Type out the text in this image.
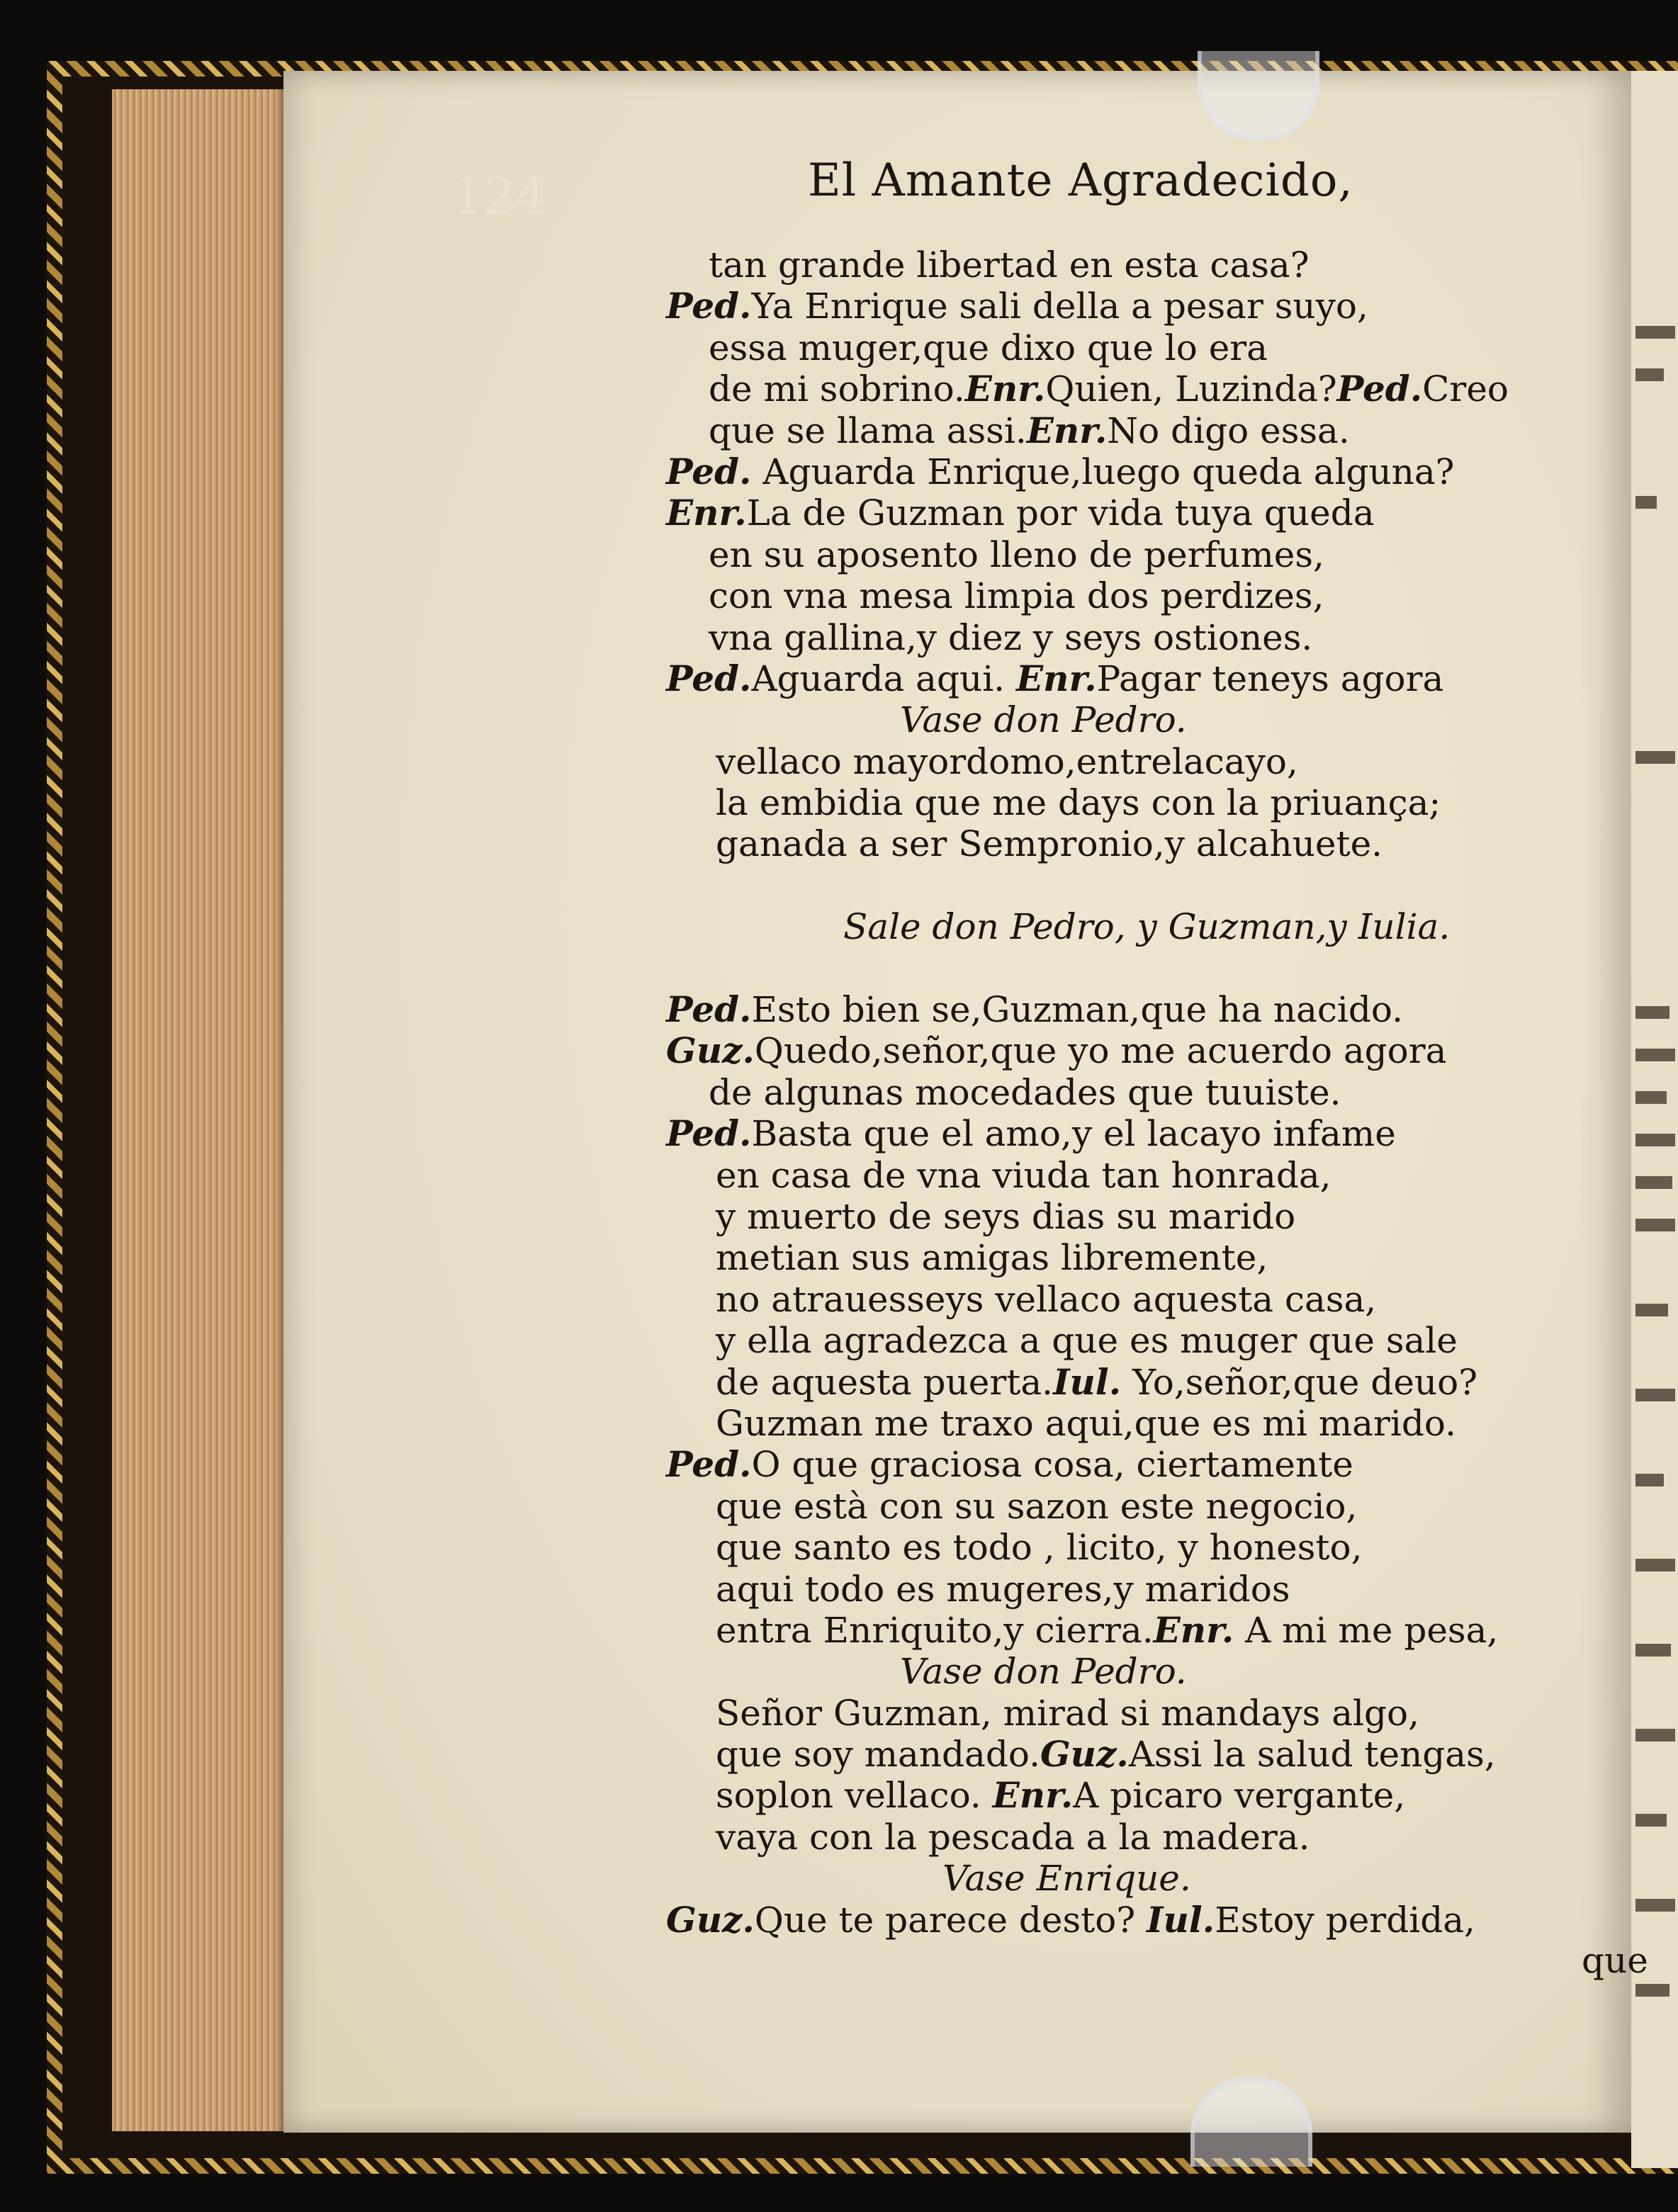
124	El Amante Agradecido,
tan grande libertad en esta casa?
Ped.Ya Enrique sali della a pesar suyo,
essa muger,que dixo que lo era
de mi sobrino.Enr.Quien, Luzinda?Ped.Creo
que se llama assi.Enr.No digo essa.
Ped. Aguarda Enrique,luego queda alguna?
Enr.La de Guzman por vida tuya queda
en su aposento lleno de perfumes,
con vna mesa limpia dos perdizes,
vna gallina,y diez y seys ostiones.
Ped.Aguarda aqui. Enr.Pagar teneys agora
Vase don Pedro.
vellaco mayordomo,entrelacayo,
la embidia que me days con la priuança;
ganada a ser Sempronio,y alcahuete.
Sale don Pedro, y Guzman,y Iulia.
Ped.Esto bien se,Guzman,que ha nacido.
Guz.Quedo,señor,que yo me acuerdo agora
de algunas mocedades que tuuiste.
Ped.Basta que el amo,y el lacayo infame
en casa de vna viuda tan honrada,
y muerto de seys dias su marido
metian sus amigas libremente,
no atrauesseys vellaco aquesta casa,
y ella agradezca a que es muger que sale
de aquesta puerta.Iul. Yo,señor,que deuo?
Guzman me traxo aqui,que es mi marido.
Ped.O que graciosa cosa, ciertamente
que està con su sazon este negocio,
que santo es todo , licito, y honesto,
aqui todo es mugeres,y maridos
entra Enriquito,y cierra.Enr. A mi me pesa,
Vase don Pedro.
Señor Guzman, mirad si mandays algo,
que soy mandado.Guz.Assi la salud tengas,
soplon vellaco. Enr.A picaro vergante,
vaya con la pescada a la madera.
Vase Enrique.
Guz.Que te parece desto? Iul.Estoy perdida,
que
